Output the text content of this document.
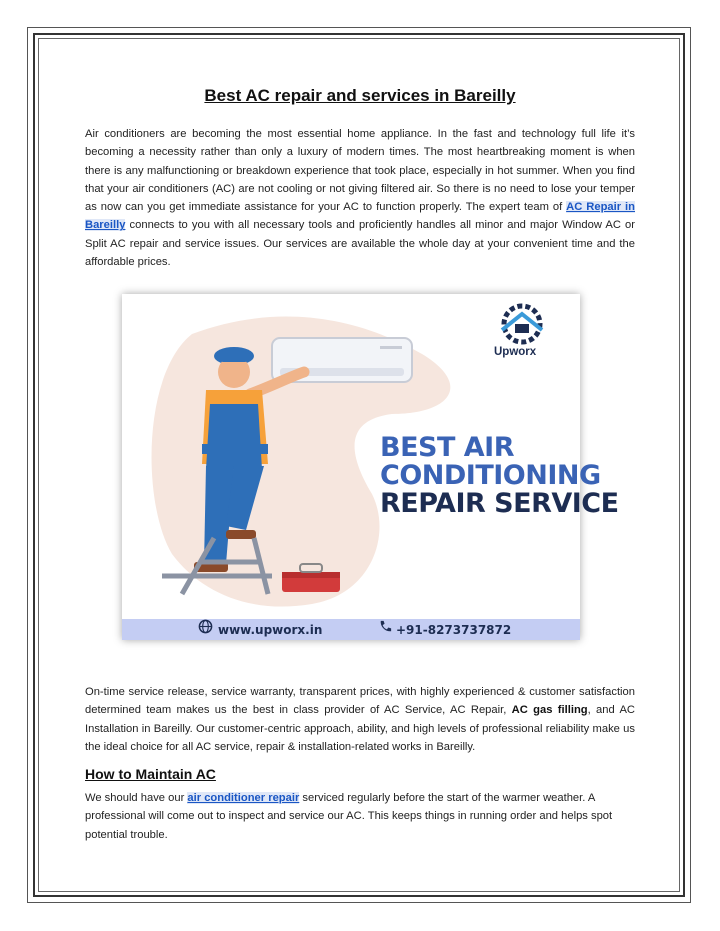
Best AC repair and services in Bareilly
Air conditioners are becoming the most essential home appliance. In the fast and technology full life it’s becoming a necessity rather than only a luxury of modern times. The most heartbreaking moment is when there is any malfunctioning or breakdown experience that took place, especially in hot summer. When you find that your air conditioners (AC) are not cooling or not giving filtered air. So there is no need to lose your temper as now can you get immediate assistance for your AC to function properly. The expert team of AC Repair in Bareilly connects to you with all necessary tools and proficiently handles all minor and major Window AC or Split AC repair and service issues. Our services are available the whole day at your convenient time and the affordable prices.
Upworx
BEST AIR
CONDITIONING
REPAIR SERVICE
www.upworx.in	+91-8273737872
On-time service release, service warranty, transparent prices, with highly experienced & customer satisfaction determined team makes us the best in class provider of AC Service, AC Repair, AC gas filling, and AC Installation in Bareilly. Our customer-centric approach, ability, and high levels of professional reliability make us the ideal choice for all AC service, repair & installation-related works in Bareilly.
How to Maintain AC
We should have our air conditioner repair serviced regularly before the start of the warmer weather. A professional will come out to inspect and service our AC. This keeps things in running order and helps spot potential trouble.
